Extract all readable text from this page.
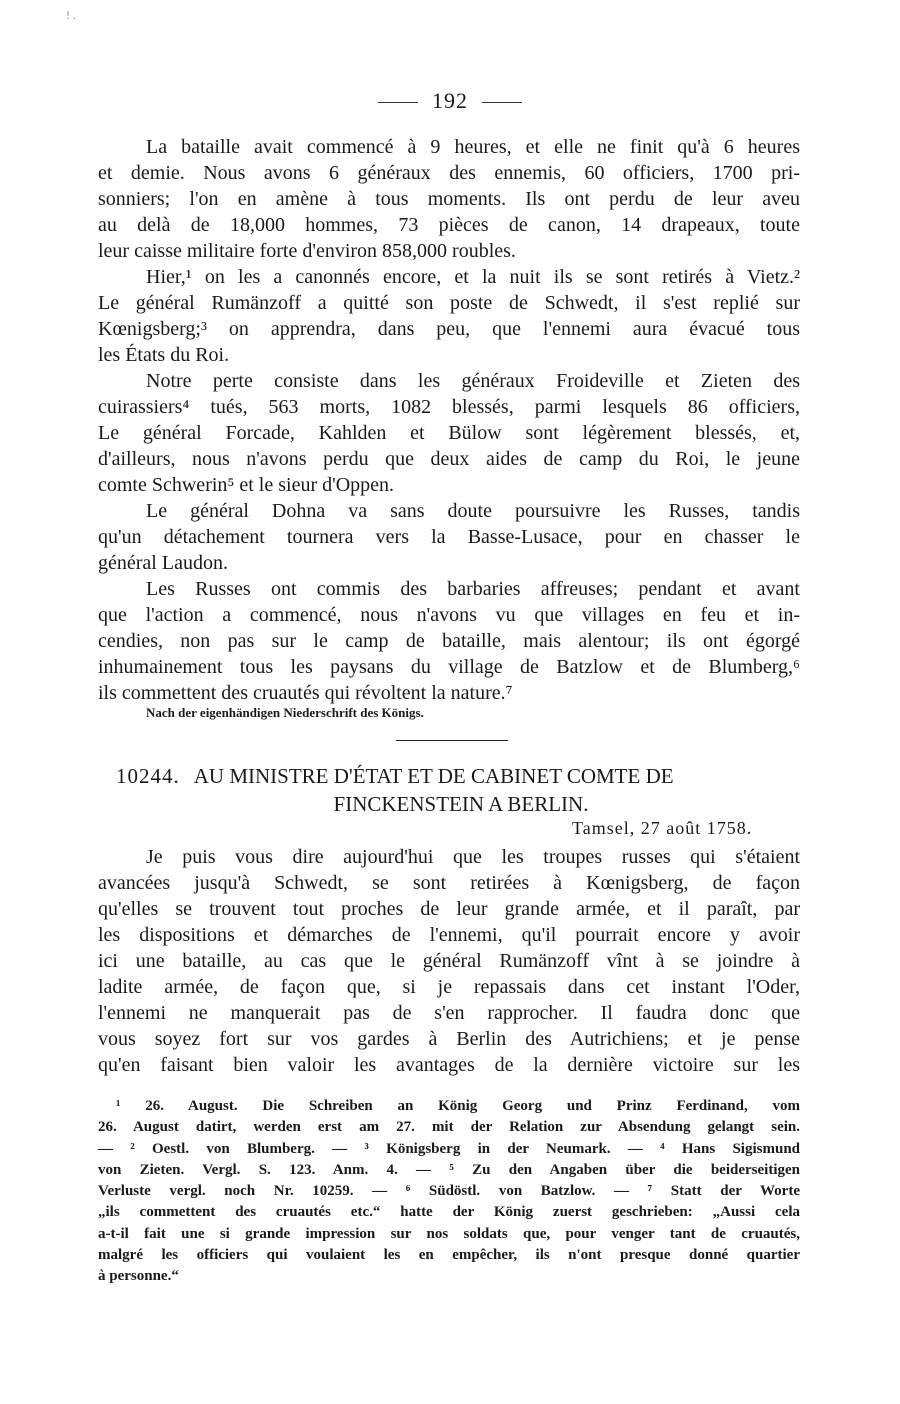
! .
192
La bataille avait commencé à 9 heures, et elle ne finit qu'à 6 heures
et demie. Nous avons 6 généraux des ennemis, 60 officiers, 1700 pri-
sonniers; l'on en amène à tous moments. Ils ont perdu de leur aveu
au delà de 18,000 hommes, 73 pièces de canon, 14 drapeaux, toute
leur caisse militaire forte d'environ 858,000 roubles.
Hier,¹ on les a canonnés encore, et la nuit ils se sont retirés à Vietz.²
Le général Rumänzoff a quitté son poste de Schwedt, il s'est replié sur
Kœnigsberg;³ on apprendra, dans peu, que l'ennemi aura évacué tous
les États du Roi.
Notre perte consiste dans les généraux Froideville et Zieten des
cuirassiers⁴ tués, 563 morts, 1082 blessés, parmi lesquels 86 officiers,
Le général Forcade, Kahlden et Bülow sont légèrement blessés, et,
d'ailleurs, nous n'avons perdu que deux aides de camp du Roi, le jeune
comte Schwerin⁵ et le sieur d'Oppen.
Le général Dohna va sans doute poursuivre les Russes, tandis
qu'un détachement tournera vers la Basse-Lusace, pour en chasser le
général Laudon.
Les Russes ont commis des barbaries affreuses; pendant et avant
que l'action a commencé, nous n'avons vu que villages en feu et in-
cendies, non pas sur le camp de bataille, mais alentour; ils ont égorgé
inhumainement tous les paysans du village de Batzlow et de Blumberg,⁶
ils commettent des cruautés qui révoltent la nature.⁷
Nach der eigenhändigen Niederschrift des Königs.
10244. AU MINISTRE D'ÉTAT ET DE CABINET COMTE DE
FINCKENSTEIN A BERLIN.
Tamsel, 27 août 1758.
Je puis vous dire aujourd'hui que les troupes russes qui s'étaient
avancées jusqu'à Schwedt, se sont retirées à Kœnigsberg, de façon
qu'elles se trouvent tout proches de leur grande armée, et il paraît, par
les dispositions et démarches de l'ennemi, qu'il pourrait encore y avoir
ici une bataille, au cas que le général Rumänzoff vînt à se joindre à
ladite armée, de façon que, si je repassais dans cet instant l'Oder,
l'ennemi ne manquerait pas de s'en rapprocher. Il faudra donc que
vous soyez fort sur vos gardes à Berlin des Autrichiens; et je pense
qu'en faisant bien valoir les avantages de la dernière victoire sur les
¹ 26. August. Die Schreiben an König Georg und Prinz Ferdinand, vom
26. August datirt, werden erst am 27. mit der Relation zur Absendung gelangt sein.
— ² Oestl. von Blumberg. — ³ Königsberg in der Neumark. — ⁴ Hans Sigismund
von Zieten. Vergl. S. 123. Anm. 4. — ⁵ Zu den Angaben über die beiderseitigen
Verluste vergl. noch Nr. 10259. — ⁶ Südöstl. von Batzlow. — ⁷ Statt der Worte
„ils commettent des cruautés etc.“ hatte der König zuerst geschrieben: „Aussi cela
a-t-il fait une si grande impression sur nos soldats que, pour venger tant de cruautés,
malgré les officiers qui voulaient les en empêcher, ils n'ont presque donné quartier
à personne.“
